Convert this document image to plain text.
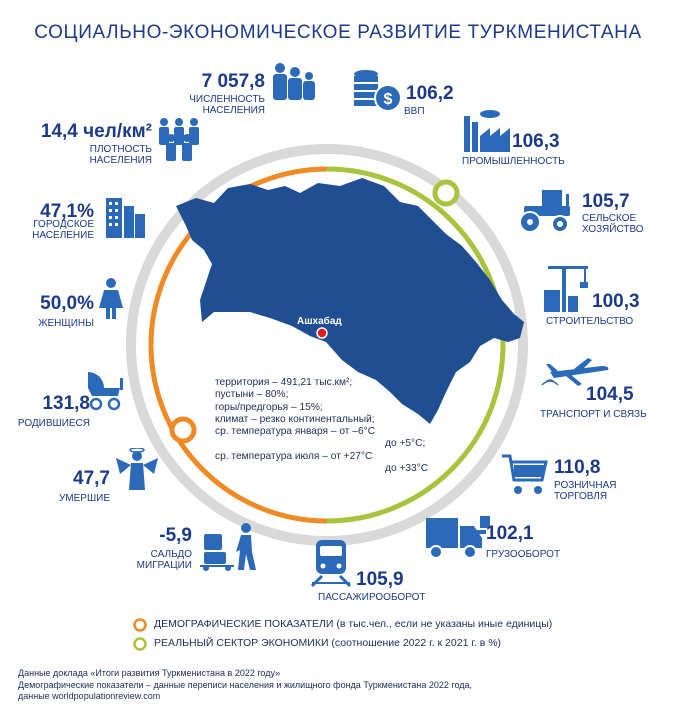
СОЦИАЛЬНО-ЭКОНОМИЧЕСКОЕ РАЗВИТИЕ ТУРКМЕНИСТАНА
Ашхабад
территория – 491,21 тыс.км²;
пустыни – 80%;
горы/предгорья – 15%;
климат – резко континентальный;
ср. температура января – от –6°С
до +5°С;
ср. температура июля – от +27°С
до +33°С
7 057,8
ЧИСЛЕННОСТЬ
НАСЕЛЕНИЯ
14,4 чел/км²
ПЛОТНОСТЬ
НАСЕЛЕНИЯ
47,1%
ГОРОДСКОЕ
НАСЕЛЕНИЕ
50,0%
ЖЕНЩИНЫ
131,8
РОДИВШИЕСЯ
47,7
УМЕРШИЕ
-5,9
САЛЬДО
МИГРАЦИИ
$ 106,2
ВВП
106,3
ПРОМЫШЛЕННОСТЬ
105,7
СЕЛЬСКОЕ
ХОЗЯЙСТВО
100,3
СТРОИТЕЛЬСТВО
104,5
ТРАНСПОРТ И СВЯЗЬ
110,8
РОЗНИЧНАЯ
ТОРГОВЛЯ
102,1
ГРУЗООБОРОТ
105,9
ПАССАЖИРООБОРОТ
ДЕМОГРАФИЧЕСКИЕ ПОКАЗАТЕЛИ (в тыс.чел., если не указаны иные единицы)
РЕАЛЬНЫЙ СЕКТОР ЭКОНОМИКИ (соотношение 2022 г. к 2021 г. в %)
Данные доклада «Итоги развития Туркменистана в 2022 году»
Демографические показатели – данные переписи населения и жилищного фонда Туркменистана 2022 года,
данные worldpopulationreview.com
